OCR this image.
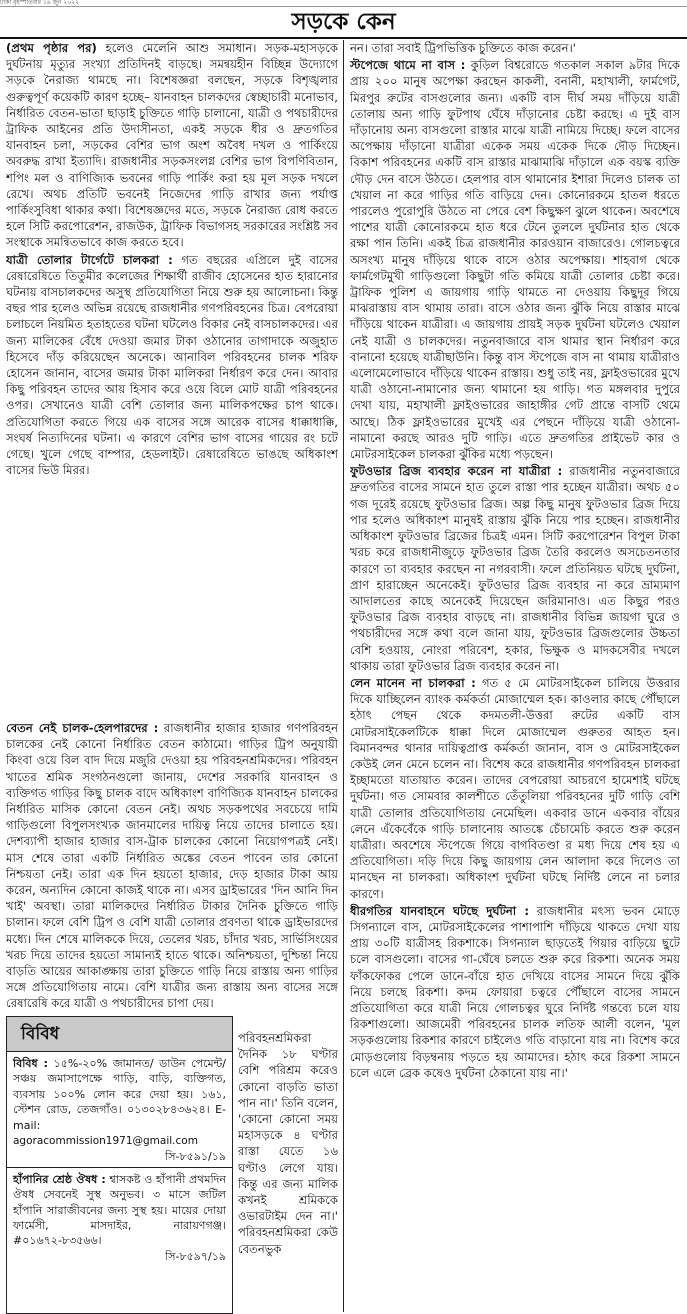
ঢাকা বৃহস্পতিবার ১৬ জুন ২০২২
সড়কে কেন

(প্রথম পৃষ্ঠার পর) হলেও মেলেনি আশু সমাধান। সড়ক-মহাসড়কে দুর্ঘটনায় মৃত্যুর সংখ্যা প্রতিদিনই বাড়ছে। সমন্বয়হীন বিচ্ছিন্ন উদ্যোগে সড়কে নৈরাজ্য থামছে না। বিশেষজ্ঞরা বলছেন, সড়কে বিশৃঙ্খলার গুরুত্বপূর্ণ কয়েকটি কারণ হচ্ছে– যানবাহন চালকদের স্বেচ্ছাচারী মনোভাব, নির্ধারিত বেতন-ভাতা ছাড়াই চুক্তিতে গাড়ি চালানো, যাত্রী ও পথচারীদের ট্রাফিক আইনের প্রতি উদাসীনতা, একই সড়কে ধীর ও দ্রুতগতির যানবাহন চলা, সড়কের বেশির ভাগ অংশ অবৈধ দখল ও পার্কিংয়ে অবরুদ্ধ রাখা ইত্যাদি। রাজধানীর সড়কসংলগ্ন বেশির ভাগ বিপণিবিতান, শপিং মল ও বাণিজ্যিক ভবনের গাড়ি পার্কিং করা হয় মূল সড়ক দখলে রেখে। অথচ প্রতিটি ভবনেই নিজেদের গাড়ি রাখার জন্য পর্যাপ্ত পার্কিংসুবিধা থাকার কথা। বিশেষজ্ঞদের মতে, সড়কে নৈরাজ্য রোধ করতে হলে সিটি করপোরেশন, রাজউক, ট্রাফিক বিভাগসহ সরকারের সংশ্লিষ্ট সব সংস্থাকে সমন্বিতভাবে কাজ করতে হবে।

যাত্রী তোলার টার্গেটে চালকরা : গত বছরের এপ্রিলে দুই বাসের রেষারেষিতে তিতুমীর কলেজের শিক্ষার্থী রাজীব হোসেনের হাত হারানোর ঘটনায় বাসচালকদের অসুস্থ প্রতিযোগিতা নিয়ে শুরু হয় আলোচনা। কিন্তু বছর পার হলেও অভিন্ন রয়েছে রাজধানীর গণপরিবহনের চিত্র। বেপরোয়া চলাচলে নিয়মিত হতাহতের ঘটনা ঘটলেও বিকার নেই বাসচালকদের। এর জন্য মালিকের বেঁধে দেওয়া জমার টাকা ওঠানোর তাগাদাকে অজুহাত হিসেবে দাঁড় করিয়েছেন অনেকে। আনাবিল পরিবহনের চালক শরিফ হোসেন জানান, বাসের জমার টাকা মালিকরা নির্ধারণ করে দেন। আবার কিছু পরিবহন তাদের আয় হিসাব করে ওয়ে বিলে মোট যাত্রী পরিবহনের ওপর। সেখানেও যাত্রী বেশি তোলার জন্য মালিকপক্ষের চাপ থাকে। প্রতিযোগিতা করতে গিয়ে এক বাসের সঙ্গে আরেক বাসের ধাক্কাধাক্কি, সংঘর্ষ নিত্যদিনের ঘটনা। এ কারণে বেশির ভাগ বাসের গায়ের রং চটে গেছে। খুলে গেছে বাম্পার, হেডলাইট। রেষারেষিতে ভাঙছে অধিকাংশ বাসের ভিউ মিরর।

বেতন নেই চালক-হেলপারদের : রাজধানীর হাজার হাজার গণপরিবহন চালকের নেই কোনো নির্ধারিত বেতন কাঠামো। গাড়ির ট্রিপ অনুযায়ী কিংবা ওয়ে বিল বাদ দিয়ে মজুরি দেওয়া হয় পরিবহনশ্রমিকদের। পরিবহন খাতের শ্রমিক সংগঠনগুলো জানায়, দেশের সরকারি যানবাহন ও ব্যক্তিগত গাড়ির কিছু চালক বাদে অধিকাংশ বাণিজ্যিক যানবাহন চালকের নির্ধারিত মাসিক কোনো বেতন নেই। অথচ সড়কপথের সবচেয়ে দামি গাড়িগুলো বিপুলসংখ্যক জানমালের দায়িত্ব নিয়ে তাদের চালাতে হয়। দেশব্যাপী হাজার হাজার বাস-ট্রাক চালকের কোনো নিয়োগপত্রই নেই। মাস শেষে তারা একটি নির্ধারিত অঙ্কের বেতন পাবেন তার কোনো নিশ্চয়তা নেই। তারা এক দিন হয়তো হাজার, দেড় হাজার টাকা আয় করেন, অন্যদিন কোনো কাজই থাকে না। এসব ড্রাইভারের 'দিন আনি দিন খাই' অবস্থা। তারা মালিকদের নির্ধারিত টাকার দৈনিক চুক্তিতে গাড়ি চালান। ফলে বেশি ট্রিপ ও বেশি যাত্রী তোলার প্রবণতা থাকে ড্রাইভারদের মধ্যে। দিন শেষে মালিককে দিয়ে, তেলের খরচ, চাঁদার খরচ, সার্ভিসিংয়ের খরচ দিয়ে তাদের হয়তো সামান্যই হাতে থাকে। অনিশ্চয়তা, দুশ্চিন্তা নিয়ে বাড়তি আয়ের আকাঙ্ক্ষায় তারা চুক্তিতে গাড়ি নিয়ে রাস্তায় অন্য গাড়ির সঙ্গে প্রতিযোগিতায় নামে। বেশি যাত্রীর জন্য রাস্তায় অন্য বাসের সঙ্গে রেষারেষি করে যাত্রী ও পথচারীদের চাপা দেয়।

বিবিধ
বিবিধ : ১৫%-২০% জামানত/ ডাউন পেমেন্ট/ সঞ্চয় জমাসাপেক্ষে গাড়ি, বাড়ি, ব্যক্তিগত, ব্যবসায় ১০০% লোন করে দেয়া হয়। ১৬১, স্টেশন রোড, তেজগাঁও। ০১৩০২৮৪৩৬২৪। E-mail: agoracommission1971@gmail.com
সি-৮৫৯১/১৯
হাঁপানির শ্রেষ্ঠ ঔষধ : শ্বাসকষ্ট ও হাঁপানী প্রথমদিন ঔষধ সেবনেই সুস্থ অনুভব। ৩ মাসে জটিল হাঁপানি সারাজীবনের জন্য সুস্থ হয়। মায়ের দোয়া ফার্মেসী, মাসদাইর, নারায়ণগঞ্জ।#০১৬৭২-৮৩৫৬৬।
সি-৮৫৯৭/১৯
পরিবহনশ্রমিকরা দৈনিক ১৮ ঘণ্টার বেশি পরিশ্রম করেও কোনো বাড়তি ভাতা পান না।' তিনি বলেন, 'কোনো কোনো সময় মহাসড়কে ৪ ঘণ্টার রাস্তা যেতে ১৬ ঘণ্টাও লেগে যায়। কিন্তু এর জন্য মালিক কখনই শ্রমিককে ওভারটাইম দেন না।' পরিবহনশ্রমিকরা কেউ বেতনভুক

নন। তারা সবাই ট্রিপভিত্তিক চুক্তিতে কাজ করেন।'

স্টপেজে থামে না বাস : কুড়িল বিশ্বরোডে গতকাল সকাল ৯টার দিকে প্রায় ২০০ মানুষ অপেক্ষা করছেন কাকলী, বনানী, মহাখালী, ফার্মগেট, মিরপুর রুটের বাসগুলোর জন্য। একটি বাস দীর্ঘ সময় দাঁড়িয়ে যাত্রী তোলায় অন্য গাড়ি ফুটপাথ ঘেঁষে দাঁড়ানোর চেষ্টা করছে। এ দুই বাস দাঁড়ানোয় অন্য বাসগুলো রাস্তার মাঝে যাত্রী নামিয়ে দিচ্ছে। ফলে বাসের অপেক্ষায় দাঁড়ানো যাত্রীরা একেক সময় একেক দিকে দৌড় দিচ্ছেন। বিকাশ পরিবহনের একটি বাস রাস্তার মাঝামাঝি দাঁড়ালে এক বয়স্ক ব্যক্তি দৌড় দেন বাসে উঠতে। হেলপার বাস থামানোর ইশারা দিলেও চালক তা খেয়াল না করে গাড়ির গতি বাড়িয়ে দেন। কোনোরকমে হাতল ধরতে পারলেও পুরোপুরি উঠতে না পেরে বেশ কিছুক্ষণ ঝুলে থাকেন। অবশেষে পাশের যাত্রী কোনোরকমে হাত ধরে টেনে তুললে দুর্ঘটনার হাত থেকে রক্ষা পান তিনি। একই চিত্র রাজধানীর কারওয়ান বাজারেও। গোলচত্বরে অসংখ্য মানুষ দাঁড়িয়ে থাকে বাসে ওঠার অপেক্ষায়। শাহবাগ থেকে ফার্মগেটমুখী গাড়িগুলো কিছুটা গতি কমিয়ে যাত্রী তোলার চেষ্টা করে। ট্রাফিক পুলিশ এ জায়গায় গাড়ি থামতে না দেওয়ায় কিছুদূর গিয়ে মাঝরাস্তায় বাস থামায় তারা। বাসে ওঠার জন্য ঝুঁকি নিয়ে রাস্তার মাঝে দাঁড়িয়ে থাকেন যাত্রীরা। এ জায়গায় প্রায়ই সড়ক দুর্ঘটনা ঘটলেও খেয়াল নেই যাত্রী ও চালকদের। নতুনবাজারে বাস থামার স্থান নির্ধারণ করে বানানো হয়েছে যাত্রীছাউনি। কিন্তু বাস স্টপেজে বাস না থামায় যাত্রীরাও এলোমেলোভাবে দাঁড়িয়ে থাকেন রাস্তায়। শুধু তাই নয়, ফ্লাইওভারের মুখে যাত্রী ওঠানো-নামানোর জন্য থামানো হয় গাড়ি। গত মঙ্গলবার দুপুরে দেখা যায়, মহাখালী ফ্লাইওভারের জাহাঙ্গীর গেট প্রান্তে বাসটি থেমে আছে। ঠিক ফ্লাইওভারের মুখেই এর পেছনে দাঁড়িয়ে যাত্রী ওঠানো-নামানো করছে আরও দুটি গাড়ি। এতে দ্রুতগতির প্রাইভেট কার ও মোটরসাইকেল চালকরা ঝুঁকির মধ্যে পড়ছেন।

ফুটওভার ব্রিজ ব্যবহার করেন না যাত্রীরা : রাজধানীর নতুনবাজারে দ্রুতগতির বাসের সামনে হাত তুলে রাস্তা পার হচ্ছেন যাত্রীরা। অথচ ৫০ গজ দূরেই রয়েছে ফুটওভার ব্রিজ। অল্প কিছু মানুষ ফুটওভার ব্রিজ দিয়ে পার হলেও অধিকাংশ মানুষই রাস্তায় ঝুঁকি নিয়ে পার হচ্ছেন। রাজধানীর অধিকাংশ ফুটওভার ব্রিজের চিত্রই এমন। সিটি করপোরেশন বিপুল টাকা খরচ করে রাজধানীজুড়ে ফুটওভার ব্রিজ তৈরি করলেও অসচেতনতার কারণে তা ব্যবহার করছেন না নগরবাসী। ফলে প্রতিনিয়ত ঘটছে দুর্ঘটনা, প্রাণ হারাচ্ছেন অনেকেই। ফুটওভার ব্রিজ ব্যবহার না করে ভ্রাম্যমাণ আদালতের কাছে অনেকেই দিয়েছেন জরিমানাও। এত কিছুর পরও ফুটওভার ব্রিজ ব্যবহার বাড়ছে না। রাজধানীর বিভিন্ন জায়গা ঘুরে ও পথচারীদের সঙ্গে কথা বলে জানা যায়, ফুটওভার ব্রিজগুলোর উচ্চতা বেশি হওয়ায়, নোংরা পরিবেশ, হকার, ভিক্ষুক ও মাদকসেবীর দখলে থাকায় তারা ফুটওভার ব্রিজ ব্যবহার করেন না।

লেন মানেন না চালকরা : গত ৫ মে মোটরসাইকেল চালিয়ে উত্তরার দিকে যাচ্ছিলেন ব্যাংক কর্মকর্তা মোজাম্মেল হক। কাওলার কাছে পৌঁছালে হঠাৎ পেছন থেকে কদমতলী-উত্তরা রুটের একটি বাস মোটরসাইকেলটিকে ধাক্কা দিলে মোজাম্মেল গুরুতর আহত হন। বিমানবন্দর থানার দায়িত্বপ্রাপ্ত কর্মকর্তা জানান, বাস ও মোটরসাইকেল কেউই লেন মেনে চলেন না। বিশেষ করে রাজধানীর গণপরিবহন চালকরা ইচ্ছামতো যাতায়াত করেন। তাদের বেপরোয়া আচরণে হামেশাই ঘটছে দুর্ঘটনা। গত সোমবার কালশীতে তেঁতুলিয়া পরিবহনের দুটি গাড়ি বেশি যাত্রী তোলার প্রতিযোগিতায় নেমেছিল। একবার ডানে একবার বাঁয়ের লেনে এঁকেবেঁকে গাড়ি চালানোয় আতঙ্কে চেঁচামেচি করতে শুরু করেন যাত্রীরা। অবশেষে স্টপেজে গিয়ে বাগবিতণ্ডা র মধ্য দিয়ে শেষ হয় এ প্রতিযোগিতা। দড়ি দিয়ে কিছু জায়গায় লেন আলাদা করে দিলেও তা মানছেন না চালকরা। অধিকাংশ দুর্ঘটনা ঘটছে নির্দিষ্ট লেনে না চলার কারণে।

ধীরগতির যানবাহনে ঘটছে দুর্ঘটনা : রাজধানীর মৎস্য ভবন মোড়ে সিগন্যালে বাস, মোটরসাইকেলের পাশাপাশি দাঁড়িয়ে থাকতে দেখা যায় প্রায় ৩০টি যাত্রীসহ রিকশাকে। সিগন্যাল ছাড়তেই গিয়ার বাড়িয়ে ছুটে চলে বাসগুলো। বাসের গা-ঘেঁষে চলতে শুরু করে রিকশা। অনেক সময় ফাঁকফোকর পেলে ডানে-বাঁয়ে হাত দেখিয়ে বাসের সামনে দিয়ে ঝুঁকি নিয়ে চলছে রিকশা। কদম ফোয়ারা চত্বরে পৌঁছালে বাসের সামনে প্রতিযোগিতা করে যাত্রী নিয়ে গোলচত্বর ঘুরে নির্দিষ্ট গন্তব্যে চলে যায় রিকশাগুলো। আজমেরী পরিবহনের চালক লতিফ আলী বলেন, 'মূল সড়কগুলোয় রিকশার কারণে চাইলেও গতি বাড়ানো যায় না। বিশেষ করে মোড়গুলোয় বিড়ম্বনায় পড়তে হয় আমাদের। হঠাৎ করে রিকশা সামনে চলে এলে ব্রেক কষেও দুর্ঘটনা ঠেকানো যায় না।'
